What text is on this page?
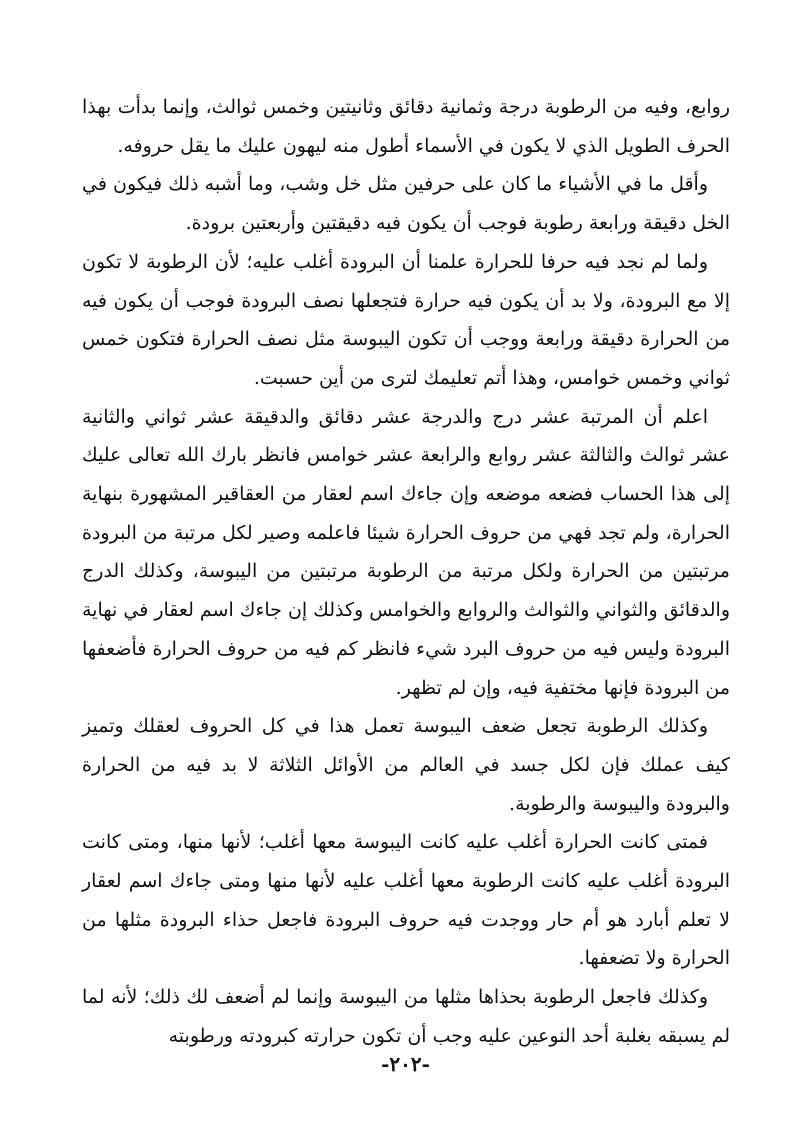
روابع، وفيه من الرطوبة درجة وثمانية دقائق وثانيتين وخمس ثوالث، وإنما بدأت بهذا الحرف الطويل الذي لا يكون في الأسماء أطول منه ليهون عليك ما يقل حروفه.

وأقل ما في الأشياء ما كان على حرفين مثل خل وشب، وما أشبه ذلك فيكون في الخل دقيقة ورابعة رطوبة فوجب أن يكون فيه دقيقتين وأربعتين برودة.

ولما لم نجد فيه حرفا للحرارة علمنا أن البرودة أغلب عليه؛ لأن الرطوبة لا تكون إلا مع البرودة، ولا بد أن يكون فيه حرارة فتجعلها نصف البرودة فوجب أن يكون فيه من الحرارة دقيقة ورابعة ووجب أن تكون اليبوسة مثل نصف الحرارة فتكون خمس ثواني وخمس خوامس، وهذا أتم تعليمك لترى من أين حسبت.

اعلم أن المرتبة عشر درج والدرجة عشر دقائق والدقيقة عشر ثواني والثانية عشر ثوالث والثالثة عشر روابع والرابعة عشر خوامس فانظر بارك الله تعالى عليك إلى هذا الحساب فضعه موضعه وإن جاءك اسم لعقار من العقاقير المشهورة بنهاية الحرارة، ولم تجد فهي من حروف الحرارة شيئا فاعلمه وصير لكل مرتبة من البرودة مرتبتين من الحرارة ولكل مرتبة من الرطوبة مرتبتين من اليبوسة، وكذلك الدرج والدقائق والثواني والثوالث والروابع والخوامس وكذلك إن جاءك اسم لعقار في نهاية البرودة وليس فيه من حروف البرد شيء فانظر كم فيه من حروف الحرارة فأضعفها من البرودة فإنها مختفية فيه، وإن لم تظهر.

وكذلك الرطوبة تجعل ضعف اليبوسة تعمل هذا في كل الحروف لعقلك وتميز كيف عملك فإن لكل جسد في العالم من الأوائل الثلاثة لا بد فيه من الحرارة والبرودة واليبوسة والرطوبة.

فمتى كانت الحرارة أغلب عليه كانت اليبوسة معها أغلب؛ لأنها منها، ومتى كانت البرودة أغلب عليه كانت الرطوبة معها أغلب عليه لأنها منها ومتى جاءك اسم لعقار لا تعلم أبارد هو أم حار ووجدت فيه حروف البرودة فاجعل حذاء البرودة مثلها من الحرارة ولا تضعفها.

وكذلك فاجعل الرطوبة بحذاها مثلها من اليبوسة وإنما لم أضعف لك ذلك؛ لأنه لما لم يسبقه بغلبة أحد النوعين عليه وجب أن تكون حرارته كبرودته ورطوبته

-٢٠٢-
